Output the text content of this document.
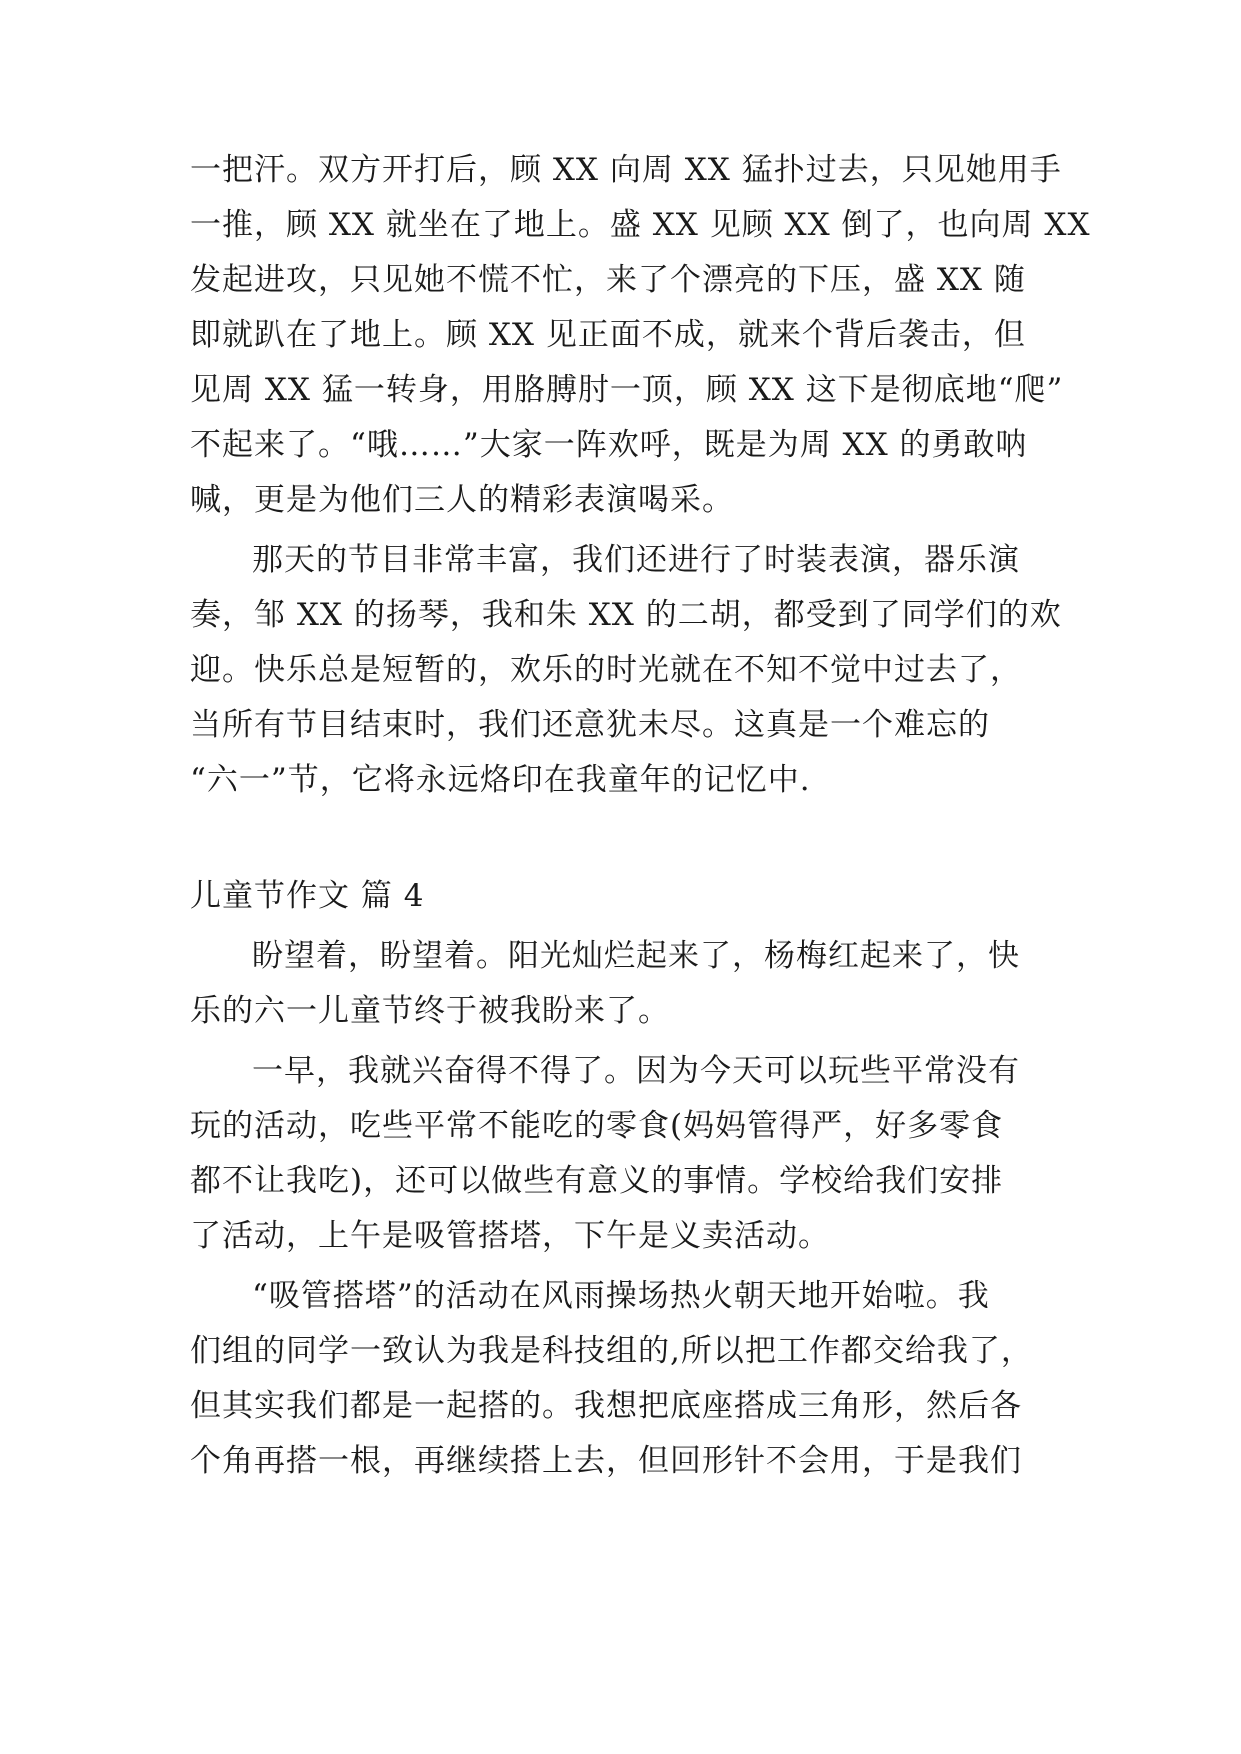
一把汗。双方开打后，顾 XX 向周 XX 猛扑过去，只见她用手
一推，顾 XX 就坐在了地上。盛 XX 见顾 XX 倒了，也向周 XX
发起进攻，只见她不慌不忙，来了个漂亮的下压，盛 XX 随
即就趴在了地上。顾 XX 见正面不成，就来个背后袭击，但
见周 XX 猛一转身，用胳膊肘一顶，顾 XX 这下是彻底地“爬”
不起来了。“哦……”大家一阵欢呼，既是为周 XX 的勇敢呐
喊，更是为他们三人的精彩表演喝采。
那天的节目非常丰富，我们还进行了时装表演，器乐演
奏，邹 XX 的扬琴，我和朱 XX 的二胡，都受到了同学们的欢
迎。快乐总是短暂的，欢乐的时光就在不知不觉中过去了，
当所有节目结束时，我们还意犹未尽。这真是一个难忘的
“六一”节，它将永远烙印在我童年的记忆中.
儿童节作文 篇 4
盼望着，盼望着。阳光灿烂起来了，杨梅红起来了，快
乐的六一儿童节终于被我盼来了。
一早，我就兴奋得不得了。因为今天可以玩些平常没有
玩的活动，吃些平常不能吃的零食(妈妈管得严，好多零食
都不让我吃)，还可以做些有意义的事情。学校给我们安排
了活动，上午是吸管搭塔，下午是义卖活动。
“吸管搭塔”的活动在风雨操场热火朝天地开始啦。我
们组的同学一致认为我是科技组的,所以把工作都交给我了，
但其实我们都是一起搭的。我想把底座搭成三角形，然后各
个角再搭一根，再继续搭上去，但回形针不会用，于是我们
